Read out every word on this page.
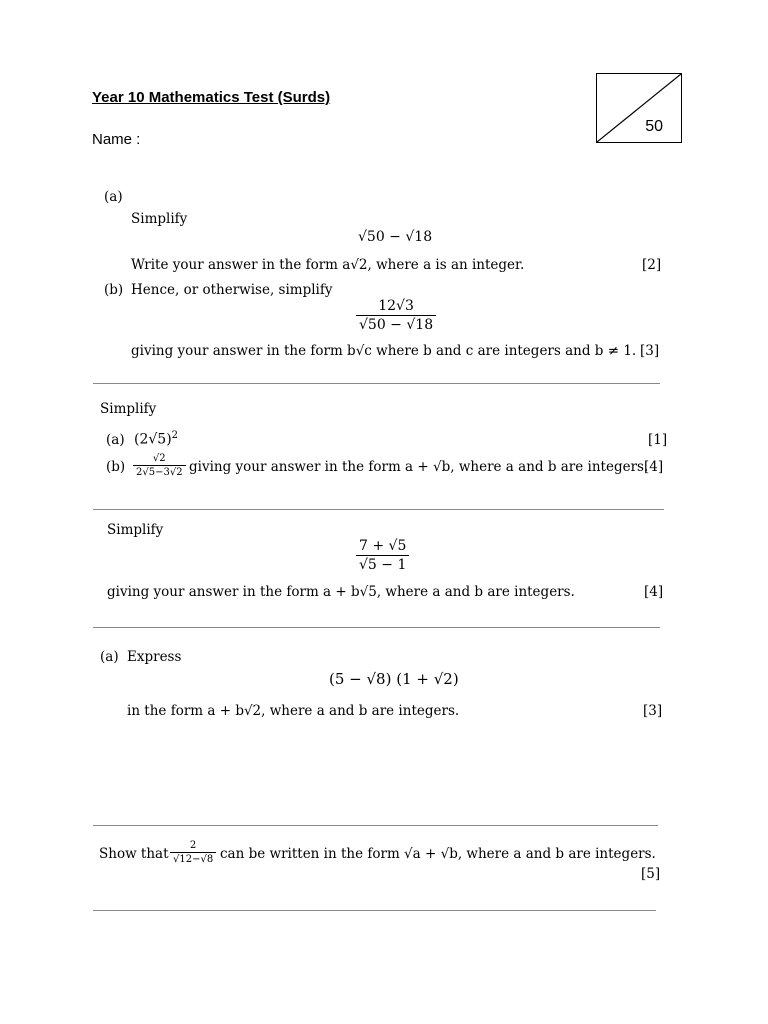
Year 10 Mathematics Test (Surds)
Name :
50
(a)
Simplify
√50 − √18
Write your answer in the form a√2, where a is an integer.	[2]
(b) Hence, or otherwise, simplify
$\frac{12√3}{√50 - √18}$
giving your answer in the form b√c where b and c are integers and b ≠ 1. [3]
Simplify
(a) $(2√5)^2$	[1]
$(b) \frac{√2}{2√5-3√2}$ giving your answer in the form a + √b, where a and b are integers.
[4]
Simplify
$\frac{7 + √5}{√5 - 1}$
giving your answer in the form a + b√5, where a and b are integers.	[4]
(a) Express
(5 − √8) (1 + √2)
in the form a + b√2, where a and b are integers.	[3]
Show that $\frac{2}{√12-√8}$ can be written in the form √a + √b, where a and b are integers.
[5]
